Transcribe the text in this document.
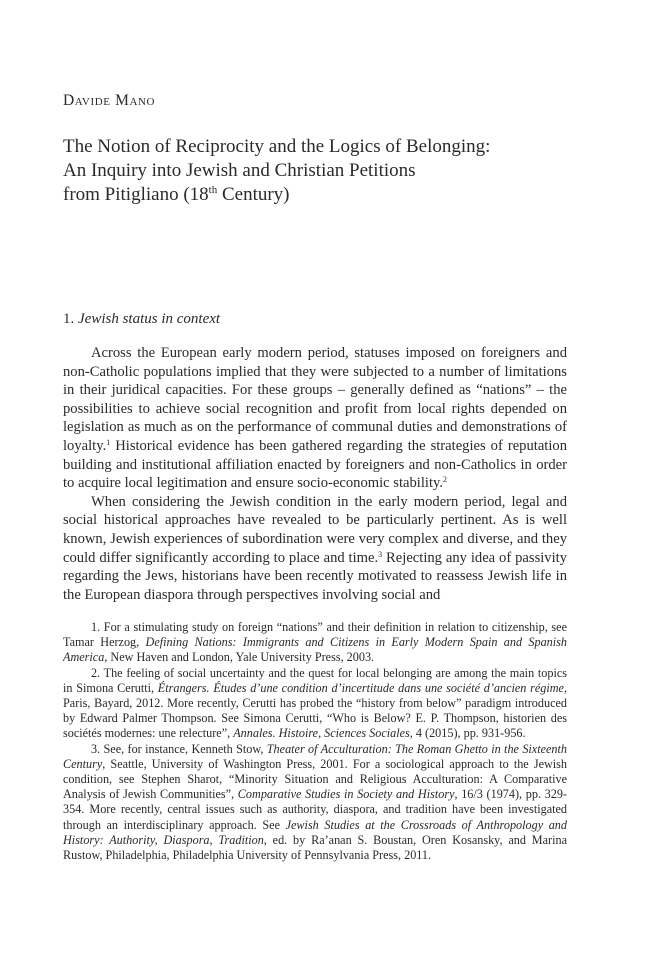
Davide Mano
The Notion of Reciprocity and the Logics of Belonging:
An Inquiry into Jewish and Christian Petitions
from Pitigliano (18th Century)
1. Jewish status in context

Across the European early modern period, statuses imposed on foreigners and non-Catholic populations implied that they were subjected to a number of limitations in their juridical capacities. For these groups – generally defined as “nations” – the possibilities to achieve social recognition and profit from local rights depended on legislation as much as on the performance of communal duties and demonstrations of loyalty.$^1$ Historical evidence has been gathered regarding the strategies of reputation building and institutional affiliation enacted by foreigners and non-Catholics in order to acquire local legitimation and ensure socio-economic stability.$^2$

When considering the Jewish condition in the early modern period, legal and social historical approaches have revealed to be particularly pertinent. As is well known, Jewish experiences of subordination were very complex and diverse, and they could differ significantly according to place and time.$^3$ Rejecting any idea of passivity regarding the Jews, historians have been recently motivated to reassess Jewish life in the European diaspora through perspectives involving social and

1. For a stimulating study on foreign “nations” and their definition in relation to citizenship, see Tamar Herzog, Defining Nations: Immigrants and Citizens in Early Modern Spain and Spanish America, New Haven and London, Yale University Press, 2003.

2. The feeling of social uncertainty and the quest for local belonging are among the main topics in Simona Cerutti, Étrangers. Études d’une condition d’incertitude dans une société d’ancien régime, Paris, Bayard, 2012. More recently, Cerutti has probed the “history from below” paradigm introduced by Edward Palmer Thompson. See Simona Cerutti, “Who is Below? E. P. Thompson, historien des sociétés modernes: une relecture”, Annales. Histoire, Sciences Sociales, 4 (2015), pp. 931-956.

3. See, for instance, Kenneth Stow, Theater of Acculturation: The Roman Ghetto in the Sixteenth Century, Seattle, University of Washington Press, 2001. For a sociological approach to the Jewish condition, see Stephen Sharot, “Minority Situation and Religious Acculturation: A Comparative Analysis of Jewish Communities”, Comparative Studies in Society and History, 16/3 (1974), pp. 329-354. More recently, central issues such as authority, diaspora, and tradition have been investigated through an interdisciplinary approach. See Jewish Studies at the Crossroads of Anthropology and History: Authority, Diaspora, Tradition, ed. by Ra’anan S. Boustan, Oren Kosansky, and Marina Rustow, Philadelphia, Philadelphia University of Pennsylvania Press, 2011.
